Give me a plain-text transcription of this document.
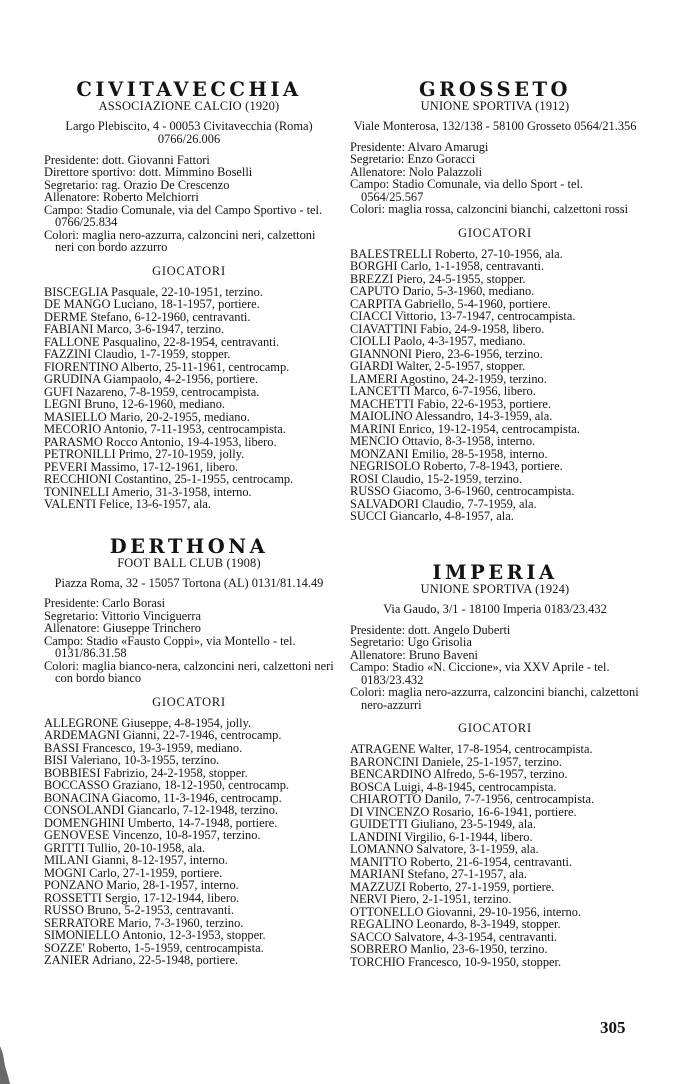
CIVITAVECCHIA
ASSOCIAZIONE CALCIO (1920)
Largo Plebiscito, 4 - 00053 Civitavecchia (Roma) 0766/26.006
Presidente: dott. Giovanni Fattori
Direttore sportivo: dott. Mimmino Boselli
Segretario: rag. Orazio De Crescenzo
Allenatore: Roberto Melchiorri
Campo: Stadio Comunale, via del Campo Sportivo - tel. 0766/25.834
Colori: maglia nero-azzurra, calzoncini neri, calzettoni neri con bordo azzurro
GIOCATORI
BISCEGLIA Pasquale, 22-10-1951, terzino.
DE MANGO Luciano, 18-1-1957, portiere.
DERME Stefano, 6-12-1960, centravanti.
FABIANI Marco, 3-6-1947, terzino.
FALLONE Pasqualino, 22-8-1954, centravanti.
FAZZINI Claudio, 1-7-1959, stopper.
FIORENTINO Alberto, 25-11-1961, centrocamp.
GRUDINA Giampaolo, 4-2-1956, portiere.
GUFI Nazareno, 7-8-1959, centrocampista.
LEGNI Bruno, 12-6-1960, mediano.
MASIELLO Mario, 20-2-1955, mediano.
MECORIO Antonio, 7-11-1953, centrocampista.
PARASMO Rocco Antonio, 19-4-1953, libero.
PETRONILLI Primo, 27-10-1959, jolly.
PEVERI Massimo, 17-12-1961, libero.
RECCHIONI Costantino, 25-1-1955, centrocamp.
TONINELLI Amerio, 31-3-1958, interno.
VALENTI Felice, 13-6-1957, ala.
DERTHONA
FOOT BALL CLUB (1908)
Piazza Roma, 32 - 15057 Tortona (AL) 0131/81.14.49
Presidente: Carlo Borasi
Segretario: Vittorio Vinciguerra
Allenatore: Giuseppe Trinchero
Campo: Stadio «Fausto Coppi», via Montello - tel. 0131/86.31.58
Colori: maglia bianco-nera, calzoncini neri, calzettoni neri con bordo bianco
GIOCATORI
ALLEGRONE Giuseppe, 4-8-1954, jolly.
ARDEMAGNI Gianni, 22-7-1946, centrocamp.
BASSI Francesco, 19-3-1959, mediano.
BISI Valeriano, 10-3-1955, terzino.
BOBBIESI Fabrizio, 24-2-1958, stopper.
BOCCASSO Graziano, 18-12-1950, centrocamp.
BONACINA Giacomo, 11-3-1946, centrocamp.
CONSOLANDI Giancarlo, 7-12-1948, terzino.
DOMENGHINI Umberto, 14-7-1948, portiere.
GENOVESE Vincenzo, 10-8-1957, terzino.
GRITTI Tullio, 20-10-1958, ala.
MILANI Gianni, 8-12-1957, interno.
MOGNI Carlo, 27-1-1959, portiere.
PONZANO Mario, 28-1-1957, interno.
ROSSETTI Sergio, 17-12-1944, libero.
RUSSO Bruno, 5-2-1953, centravanti.
SERRATORE Mario, 7-3-1960, terzino.
SIMONIELLO Antonio, 12-3-1953, stopper.
SOZZE' Roberto, 1-5-1959, centrocampista.
ZANIER Adriano, 22-5-1948, portiere.
GROSSETO
UNIONE SPORTIVA (1912)
Viale Monterosa, 132/138 - 58100 Grosseto 0564/21.356
Presidente: Alvaro Amarugi
Segretario: Enzo Goracci
Allenatore: Nolo Palazzoli
Campo: Stadio Comunale, via dello Sport - tel. 0564/25.567
Colori: maglia rossa, calzoncini bianchi, calzettoni rossi
GIOCATORI
BALESTRELLI Roberto, 27-10-1956, ala.
BORGHI Carlo, 1-1-1958, centravanti.
BREZZI Piero, 24-5-1955, stopper.
CAPUTO Dario, 5-3-1960, mediano.
CARPITA Gabriello, 5-4-1960, portiere.
CIACCI Vittorio, 13-7-1947, centrocampista.
CIAVATTINI Fabio, 24-9-1958, libero.
CIOLLI Paolo, 4-3-1957, mediano.
GIANNONI Piero, 23-6-1956, terzino.
GIARDI Walter, 2-5-1957, stopper.
LAMERI Agostino, 24-2-1959, terzino.
LANCETTI Marco, 6-7-1956, libero.
MACHETTI Fabio, 22-6-1953, portiere.
MAIOLINO Alessandro, 14-3-1959, ala.
MARINI Enrico, 19-12-1954, centrocampista.
MENCIO Ottavio, 8-3-1958, interno.
MONZANI Emilio, 28-5-1958, interno.
NEGRISOLO Roberto, 7-8-1943, portiere.
ROSI Claudio, 15-2-1959, terzino.
RUSSO Giacomo, 3-6-1960, centrocampista.
SALVADORI Claudio, 7-7-1959, ala.
SUCCI Giancarlo, 4-8-1957, ala.
IMPERIA
UNIONE SPORTIVA (1924)
Via Gaudo, 3/1 - 18100 Imperia 0183/23.432
Presidente: dott. Angelo Duberti
Segretario: Ugo Grisolia
Allenatore: Bruno Baveni
Campo: Stadio «N. Ciccione», via XXV Aprile - tel. 0183/23.432
Colori: maglia nero-azzurra, calzoncini bianchi, calzettoni nero-azzurri
GIOCATORI
ATRAGENE Walter, 17-8-1954, centrocampista.
BARONCINI Daniele, 25-1-1957, terzino.
BENCARDINO Alfredo, 5-6-1957, terzino.
BOSCA Luigi, 4-8-1945, centrocampista.
CHIAROTTO Danilo, 7-7-1956, centrocampista.
DI VINCENZO Rosario, 16-6-1941, portiere.
GUIDETTI Giuliano, 23-5-1949, ala.
LANDINI Virgilio, 6-1-1944, libero.
LOMANNO Salvatore, 3-1-1959, ala.
MANITTO Roberto, 21-6-1954, centravanti.
MARIANI Stefano, 27-1-1957, ala.
MAZZUZI Roberto, 27-1-1959, portiere.
NERVI Piero, 2-1-1951, terzino.
OTTONELLO Giovanni, 29-10-1956, interno.
REGALINO Leonardo, 8-3-1949, stopper.
SACCO Salvatore, 4-3-1954, centravanti.
SOBRERO Manlio, 23-6-1950, terzino.
TORCHIO Francesco, 10-9-1950, stopper.
305
